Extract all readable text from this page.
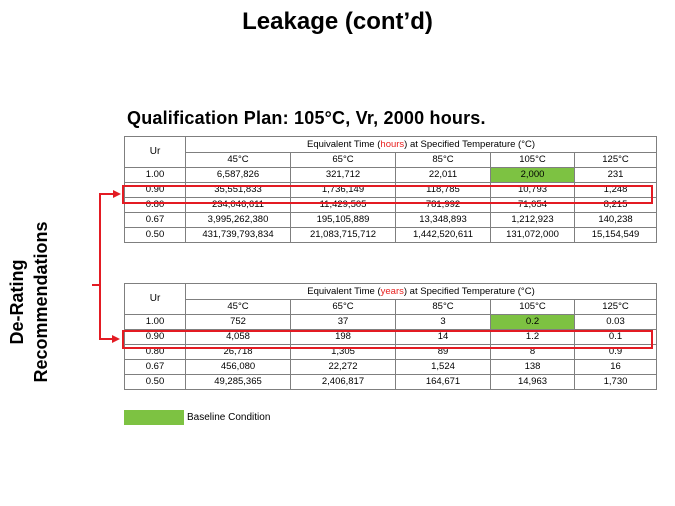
Leakage (cont’d)
Qualification Plan: 105°C, Vr, 2000 hours.
De-Rating Recommendations
Ur	Equivalent Time (hours) at Specified Temperature (°C)				
	45°C	65°C	85°C	105°C	125°C
1.00	6,587,826	321,712	22,011	2,000	231
0.90	35,551,833	1,736,149	118,785	10,793	1,248
0.80	234,046,611	11,429,505	781,992	71,054	8,215
0.67	3,995,262,380	195,105,889	13,348,893	1,212,923	140,238
0.50	431,739,793,834	21,083,715,712	1,442,520,611	131,072,000	15,154,549
Ur	Equivalent Time (years) at Specified Temperature (°C)				
	45°C	65°C	85°C	105°C	125°C
1.00	752	37	3	0.2	0.03
0.90	4,058	198	14	1.2	0.1
0.80	26,718	1,305	89	8	0.9
0.67	456,080	22,272	1,524	138	16
0.50	49,285,365	2,406,817	164,671	14,963	1,730
Baseline Condition
